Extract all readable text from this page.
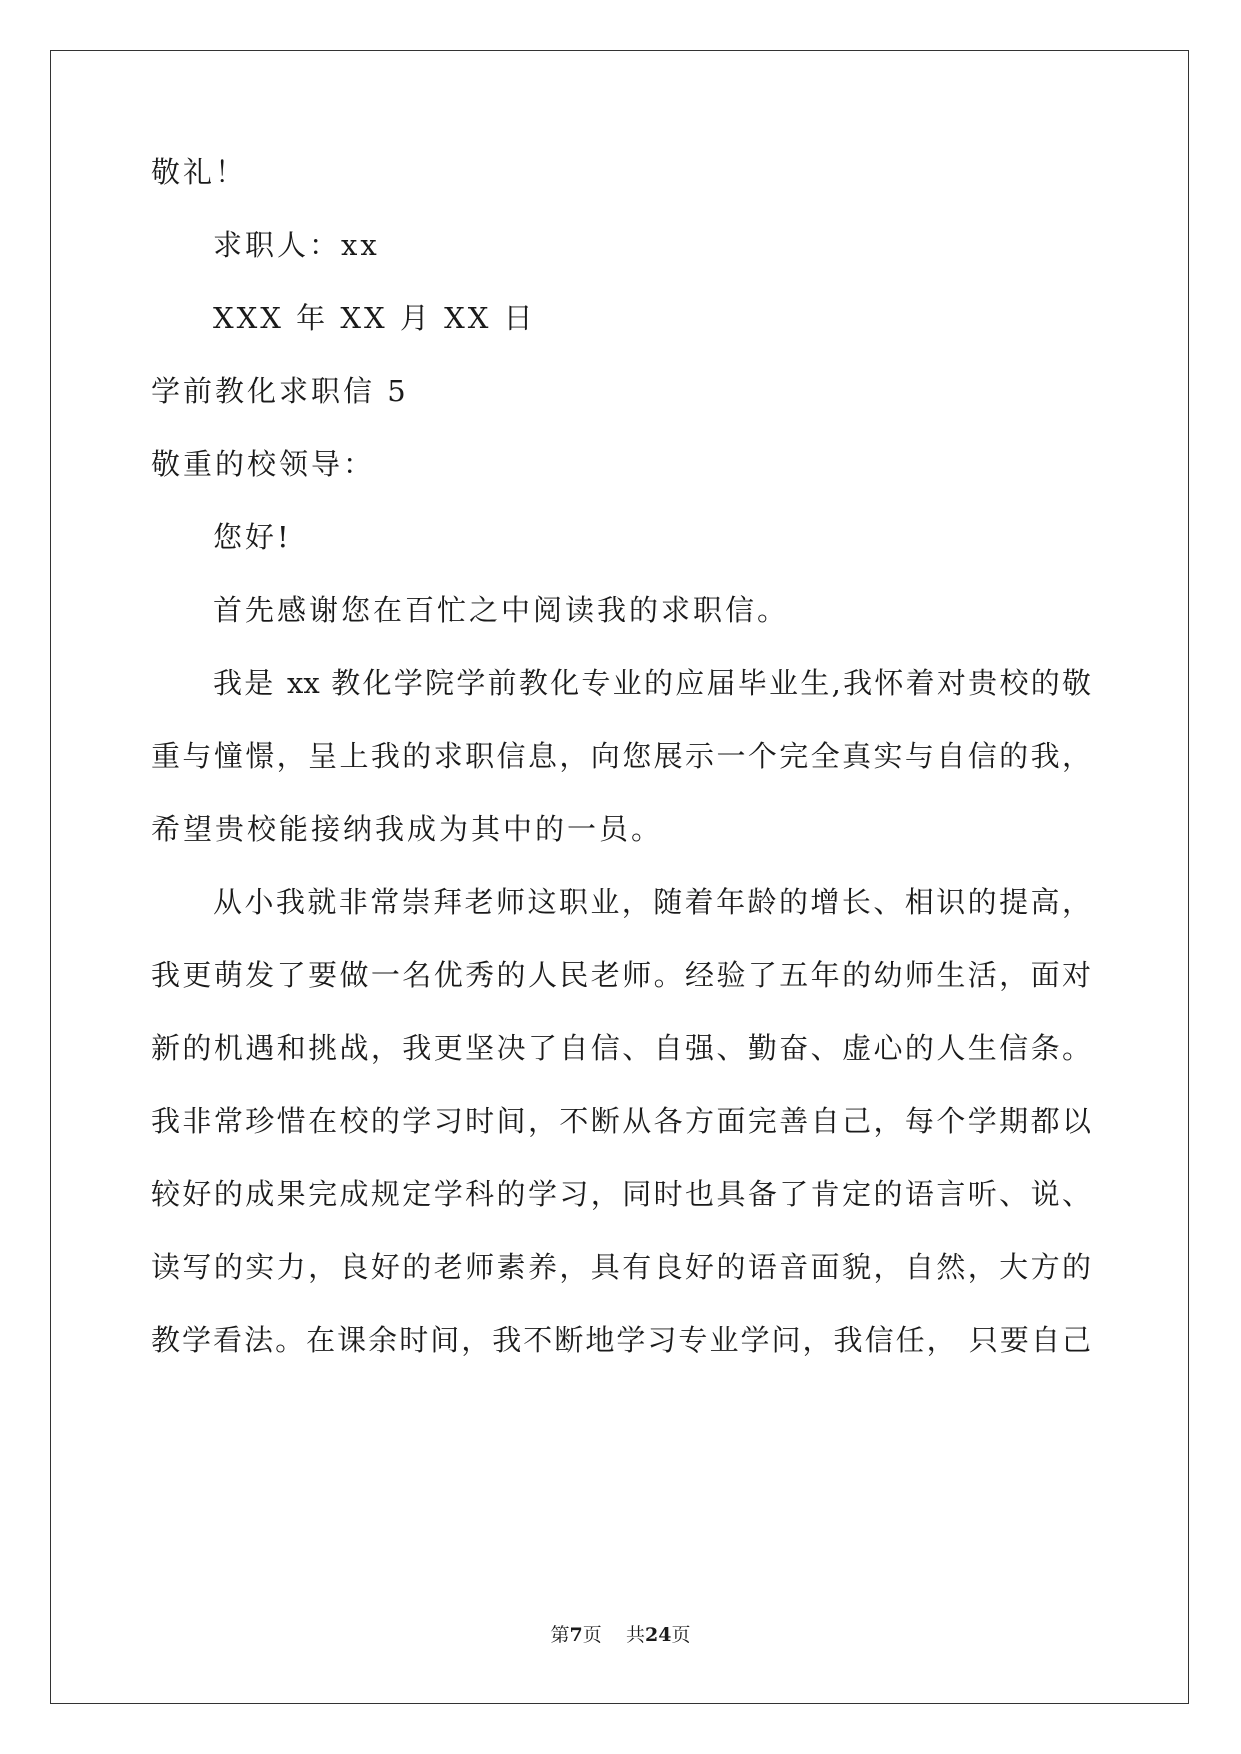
敬礼！
求职人：xx
XXX 年 XX 月 XX 日
学前教化求职信 5
敬重的校领导：
您好!
首先感谢您在百忙之中阅读我的求职信。
我是 xx 教化学院学前教化专业的应届毕业生,我怀着对贵校的敬
重与憧憬，呈上我的求职信息，向您展示一个完全真实与自信的我，
希望贵校能接纳我成为其中的一员。
从小我就非常崇拜老师这职业，随着年龄的增长、相识的提高，
我更萌发了要做一名优秀的人民老师。经验了五年的幼师生活，面对
新的机遇和挑战，我更坚决了自信、自强、勤奋、虚心的人生信条。
我非常珍惜在校的学习时间，不断从各方面完善自己，每个学期都以
较好的成果完成规定学科的学习，同时也具备了肯定的语言听、说、
读写的实力，良好的老师素养，具有良好的语音面貌，自然，大方的
教学看法。在课余时间，我不断地学习专业学问，我信任， 只要自己
第7页 共24页
